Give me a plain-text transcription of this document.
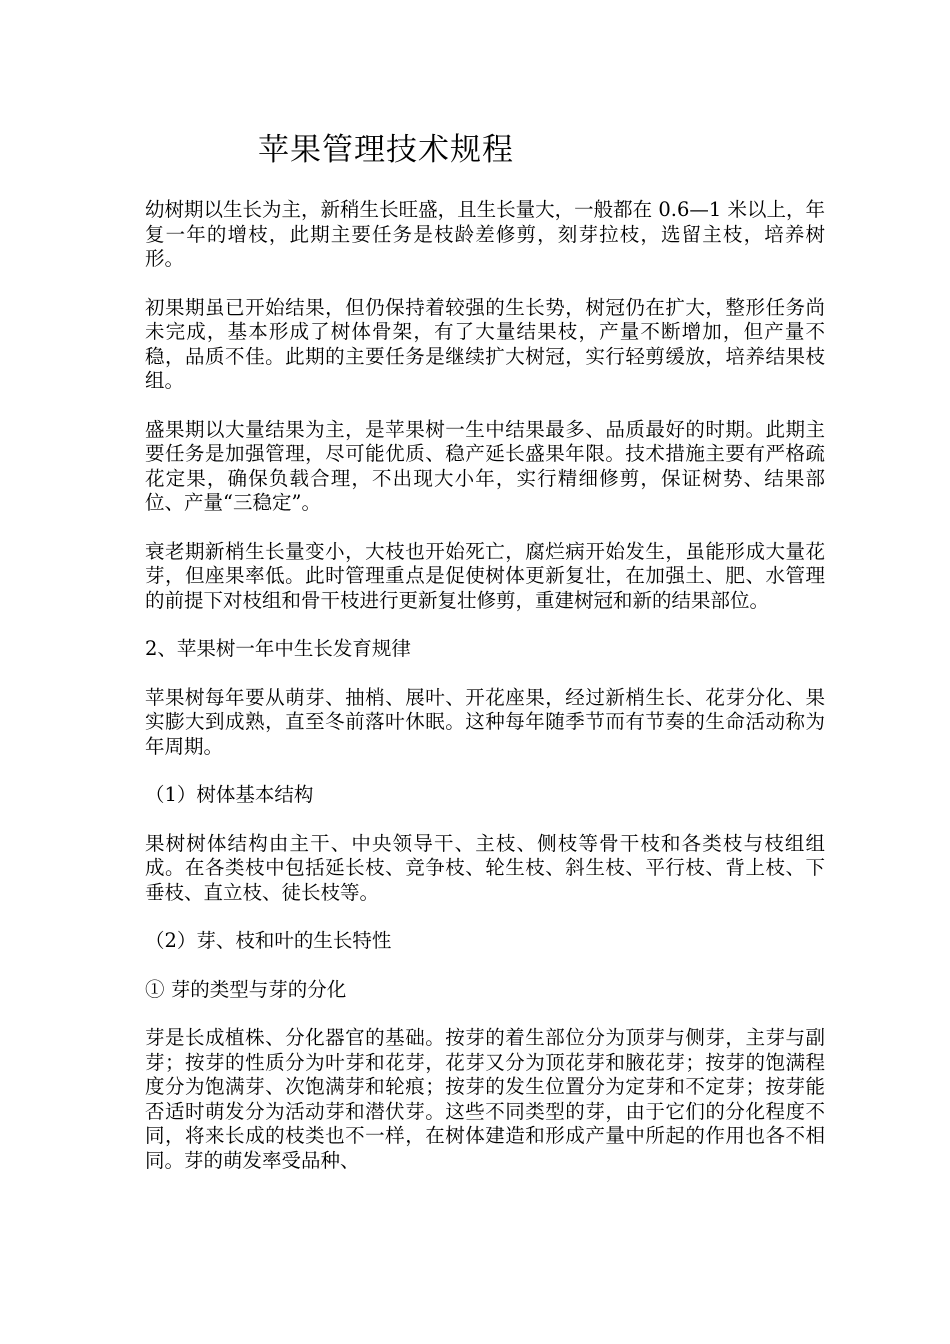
苹果管理技术规程

幼树期以生长为主，新稍生长旺盛，且生长量大，一般都在 0.6—1 米以上，年复一年的增枝，此期主要任务是枝龄差修剪，刻芽拉枝，选留主枝，培养树形。

初果期虽已开始结果，但仍保持着较强的生长势，树冠仍在扩大，整形任务尚未完成，基本形成了树体骨架，有了大量结果枝，产量不断增加，但产量不稳，品质不佳。此期的主要任务是继续扩大树冠，实行轻剪缓放，培养结果枝组。

盛果期以大量结果为主，是苹果树一生中结果最多、品质最好的时期。此期主要任务是加强管理，尽可能优质、稳产延长盛果年限。技术措施主要有严格疏花定果，确保负载合理，不出现大小年，实行精细修剪，保证树势、结果部位、产量“三稳定”。

衰老期新梢生长量变小，大枝也开始死亡，腐烂病开始发生，虽能形成大量花芽，但座果率低。此时管理重点是促使树体更新复壮，在加强土、肥、水管理的前提下对枝组和骨干枝进行更新复壮修剪，重建树冠和新的结果部位。

2、苹果树一年中生长发育规律

苹果树每年要从萌芽、抽梢、展叶、开花座果，经过新梢生长、花芽分化、果实膨大到成熟，直至冬前落叶休眠。这种每年随季节而有节奏的生命活动称为年周期。

（1）树体基本结构

果树树体结构由主干、中央领导干、主枝、侧枝等骨干枝和各类枝与枝组组成。在各类枝中包括延长枝、竞争枝、轮生枝、斜生枝、平行枝、背上枝、下垂枝、直立枝、徒长枝等。

（2）芽、枝和叶的生长特性

① 芽的类型与芽的分化

芽是长成植株、分化器官的基础。按芽的着生部位分为顶芽与侧芽，主芽与副芽；按芽的性质分为叶芽和花芽，花芽又分为顶花芽和腋花芽；按芽的饱满程度分为饱满芽、次饱满芽和轮痕；按芽的发生位置分为定芽和不定芽；按芽能否适时萌发分为活动芽和潜伏芽。这些不同类型的芽，由于它们的分化程度不同，将来长成的枝类也不一样，在树体建造和形成产量中所起的作用也各不相同。芽的萌发率受品种、
